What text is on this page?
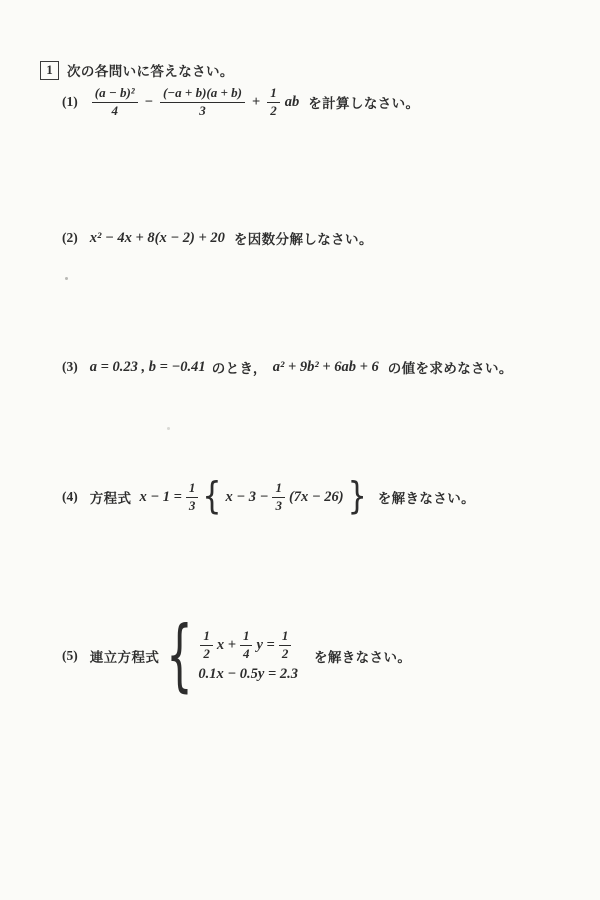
1 次の各問いに答えなさい。
$(1) \frac{\text{(a − b)²}}{4} - \frac{(-a + b)(a + b)}{3} + \frac{1}{2}$ ab を計算しなさい。
(2) x² − 4x + 8(x − 2) + 20 を因数分解しなさい。
(3) a = 0.23 , b = −0.41 のとき， a² + 9b² + 6ab + 6 の値を求めなさい。
(4) 方程式 $x - 1 = \frac{1}{3}$ { $x - 3 - \frac{1}{3} (7x - 26)$ } を解きなさい。
(5) 連立方程式 { $\frac{1}{2}$ $x + \frac{1}{4}$ $y = \frac{1}{2}$
0.1x − 0.5y = 2.3
を解きなさい。
